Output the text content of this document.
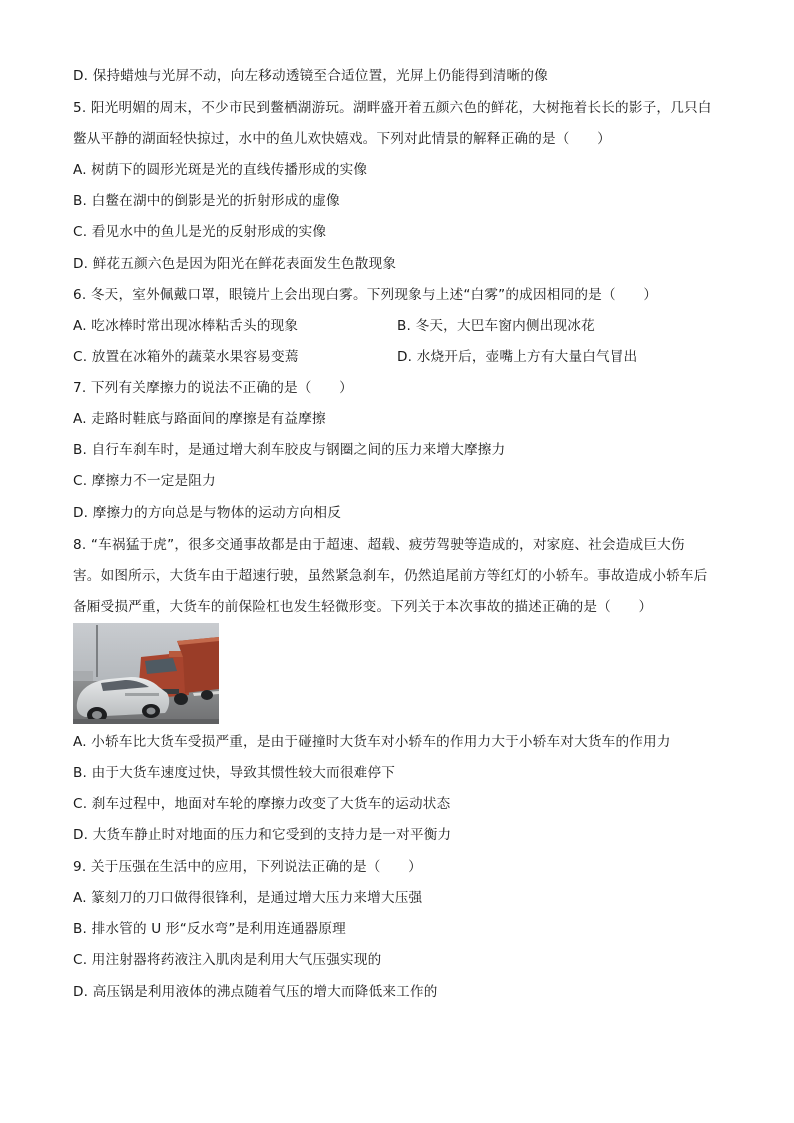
D. 保持蜡烛与光屏不动，向左移动透镜至合适位置，光屏上仍能得到清晰的像
5. 阳光明媚的周末，不少市民到鳖栖湖游玩。湖畔盛开着五颜六色的鲜花，大树拖着长长的影子，几只白
鳖从平静的湖面轻快掠过，水中的鱼儿欢快嬉戏。下列对此情景的解释正确的是（　　）
A. 树荫下的圆形光斑是光的直线传播形成的实像
B. 白鳖在湖中的倒影是光的折射形成的虚像
C. 看见水中的鱼儿是光的反射形成的实像
D. 鲜花五颜六色是因为阳光在鲜花表面发生色散现象
6. 冬天，室外佩戴口罩，眼镜片上会出现白雾。下列现象与上述“白雾”的成因相同的是（　　）
A. 吃冰棒时常出现冰棒粘舌头的现象	B. 冬天，大巴车窗内侧出现冰花
C. 放置在冰箱外的蔬菜水果容易变蔫	D. 水烧开后，壶嘴上方有大量白气冒出
7. 下列有关摩擦力的说法不正确的是（　　）
A. 走路时鞋底与路面间的摩擦是有益摩擦
B. 自行车刹车时，是通过增大刹车胶皮与钢圈之间的压力来增大摩擦力
C. 摩擦力不一定是阻力
D. 摩擦力的方向总是与物体的运动方向相反
8. “车祸猛于虎”，很多交通事故都是由于超速、超载、疲劳驾驶等造成的，对家庭、社会造成巨大伤
害。如图所示，大货车由于超速行驶，虽然紧急刹车，仍然追尾前方等红灯的小轿车。事故造成小轿车后
备厢受损严重，大货车的前保险杠也发生轻微形变。下列关于本次事故的描述正确的是（　　）
A. 小轿车比大货车受损严重，是由于碰撞时大货车对小轿车的作用力大于小轿车对大货车的作用力
B. 由于大货车速度过快，导致其惯性较大而很难停下
C. 刹车过程中，地面对车轮的摩擦力改变了大货车的运动状态
D. 大货车静止时对地面的压力和它受到的支持力是一对平衡力
9. 关于压强在生活中的应用，下列说法正确的是（　　）
A. 篆刻刀的刀口做得很锋利，是通过增大压力来增大压强
B. 排水管的 U 形“反水弯”是利用连通器原理
C. 用注射器将药液注入肌肉是利用大气压强实现的
D. 高压锅是利用液体的沸点随着气压的增大而降低来工作的
